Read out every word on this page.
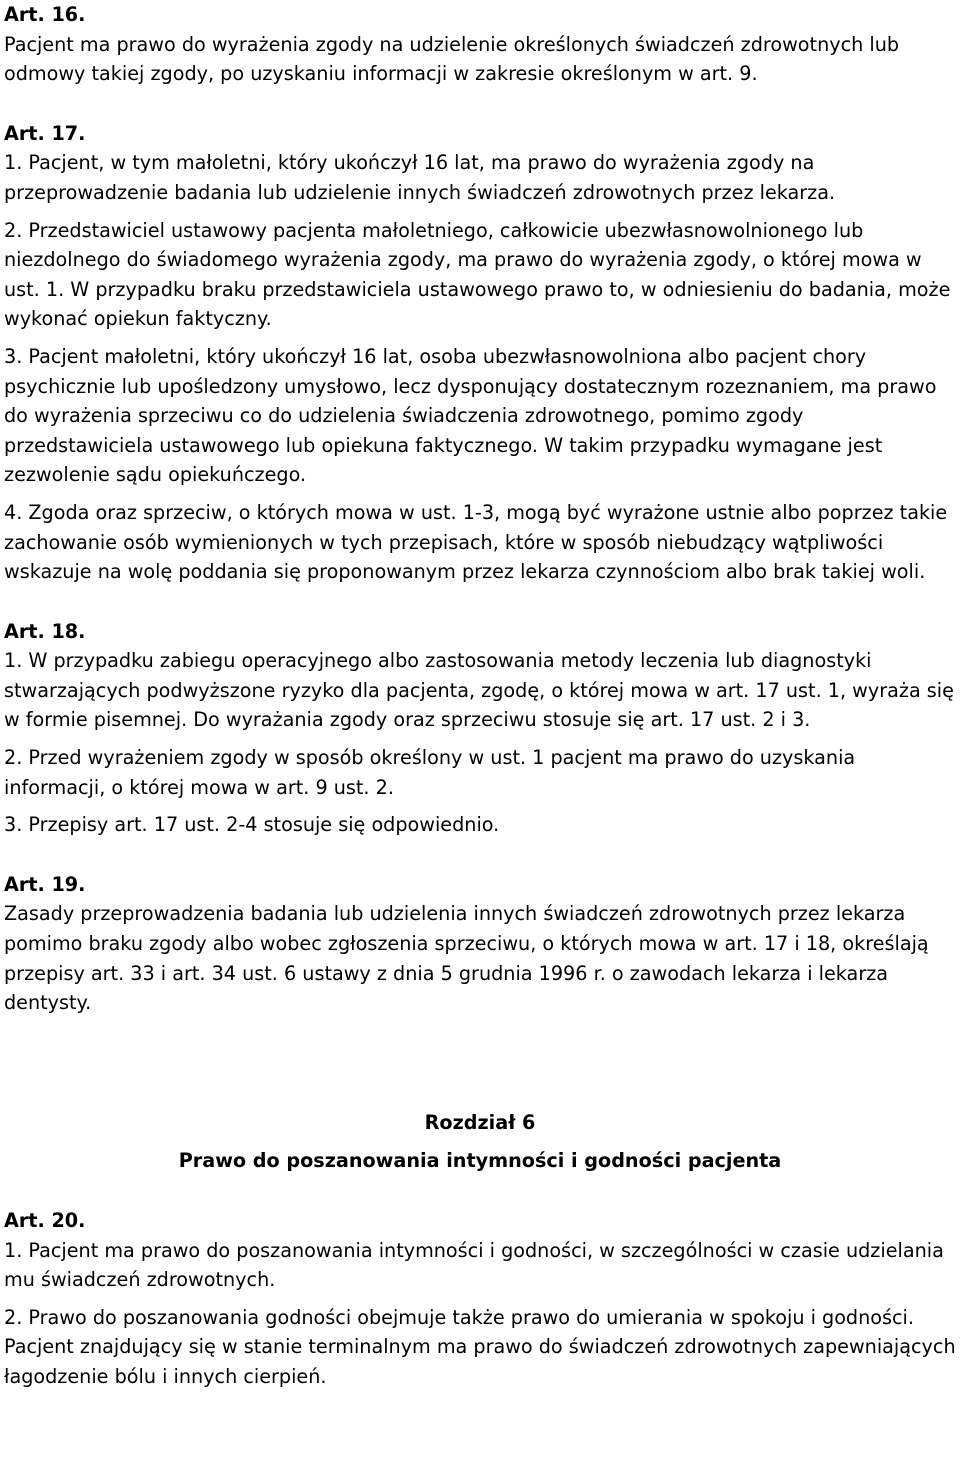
Art. 16.

Pacjent ma prawo do wyrażenia zgody na udzielenie określonych świadczeń zdrowotnych lub odmowy takiej zgody, po uzyskaniu informacji w zakresie określonym w art. 9.

Art. 17.

1. Pacjent, w tym małoletni, który ukończył 16 lat, ma prawo do wyrażenia zgody na przeprowadzenie badania lub udzielenie innych świadczeń zdrowotnych przez lekarza.

2. Przedstawiciel ustawowy pacjenta małoletniego, całkowicie ubezwłasnowolnionego lub niezdolnego do świadomego wyrażenia zgody, ma prawo do wyrażenia zgody, o której mowa w ust. 1. W przypadku braku przedstawiciela ustawowego prawo to, w odniesieniu do badania, może wykonać opiekun faktyczny.

3. Pacjent małoletni, który ukończył 16 lat, osoba ubezwłasnowolniona albo pacjent chory psychicznie lub upośledzony umysłowo, lecz dysponujący dostatecznym rozeznaniem, ma prawo do wyrażenia sprzeciwu co do udzielenia świadczenia zdrowotnego, pomimo zgody przedstawiciela ustawowego lub opiekuna faktycznego. W takim przypadku wymagane jest zezwolenie sądu opiekuńczego.

4. Zgoda oraz sprzeciw, o których mowa w ust. 1-3, mogą być wyrażone ustnie albo poprzez takie zachowanie osób wymienionych w tych przepisach, które w sposób niebudzący wątpliwości wskazuje na wolę poddania się proponowanym przez lekarza czynnościom albo brak takiej woli.

Art. 18.

1. W przypadku zabiegu operacyjnego albo zastosowania metody leczenia lub diagnostyki stwarzających podwyższone ryzyko dla pacjenta, zgodę, o której mowa w art. 17 ust. 1, wyraża się w formie pisemnej. Do wyrażania zgody oraz sprzeciwu stosuje się art. 17 ust. 2 i 3.

2. Przed wyrażeniem zgody w sposób określony w ust. 1 pacjent ma prawo do uzyskania informacji, o której mowa w art. 9 ust. 2.

3. Przepisy art. 17 ust. 2-4 stosuje się odpowiednio.

Art. 19.

Zasady przeprowadzenia badania lub udzielenia innych świadczeń zdrowotnych przez lekarza pomimo braku zgody albo wobec zgłoszenia sprzeciwu, o których mowa w art. 17 i 18, określają przepisy art. 33 i art. 34 ust. 6 ustawy z dnia 5 grudnia 1996 r. o zawodach lekarza i lekarza dentysty.

Rozdział 6

Prawo do poszanowania intymności i godności pacjenta

Art. 20.

1. Pacjent ma prawo do poszanowania intymności i godności, w szczególności w czasie udzielania mu świadczeń zdrowotnych.

2. Prawo do poszanowania godności obejmuje także prawo do umierania w spokoju i godności. Pacjent znajdujący się w stanie terminalnym ma prawo do świadczeń zdrowotnych zapewniających łagodzenie bólu i innych cierpień.
